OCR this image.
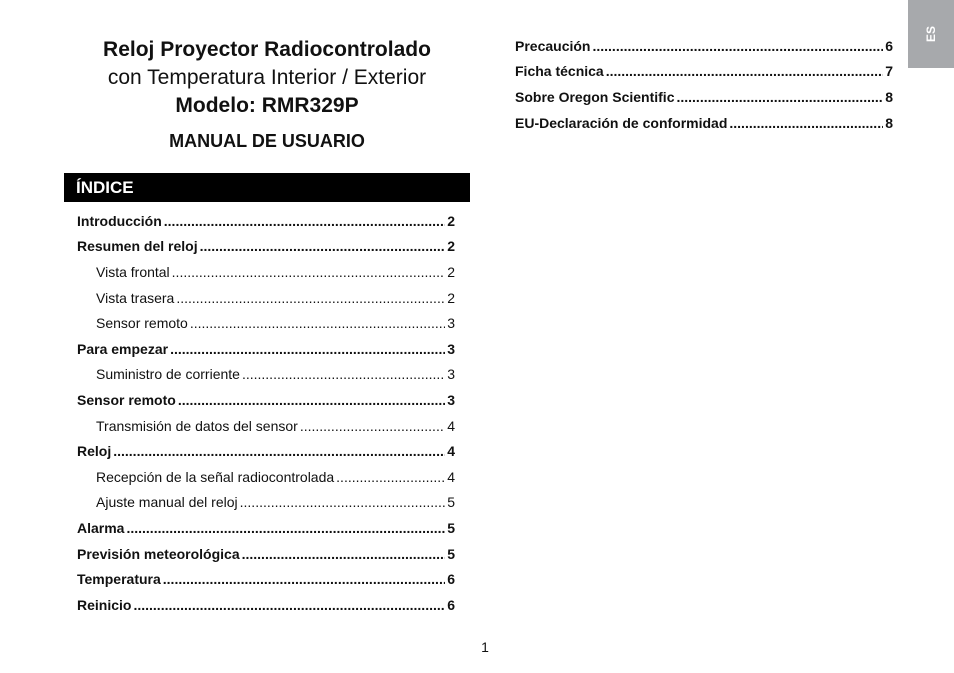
Reloj Proyector Radiocontrolado
con Temperatura Interior / Exterior
Modelo: RMR329P
MANUAL DE USUARIO
ÍNDICE
Introducción .....	2
Resumen del reloj .....	2
Vista frontal .....	2
Vista trasera .....	2
Sensor remoto .....	3
Para empezar .....	3
Suministro de corriente .....	3
Sensor remoto .....	3
Transmisión de datos del sensor .....	4
Reloj .....	4
Recepción de la señal radiocontrolada .....	4
Ajuste manual del reloj .....	5
Alarma .....	5
Previsión meteorológica .....	5
Temperatura .....	6
Reinicio .....	6
Precaución .....	6
Ficha técnica .....	7
Sobre Oregon Scientific .....	8
EU-Declaración de conformidad .....	8
ES
1
